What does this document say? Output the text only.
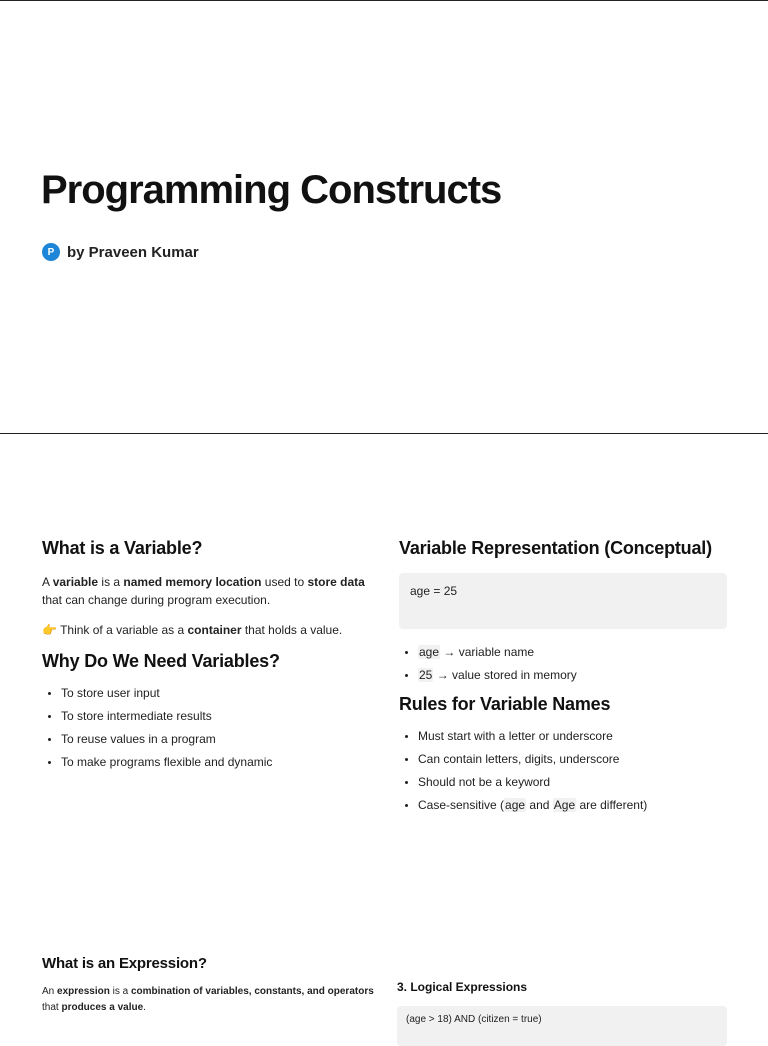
Programming Constructs
P by Praveen Kumar
What is a Variable?

A variable is a named memory location used to store data that can change during program execution.

👉 Think of a variable as a container that holds a value.

Why Do We Need Variables?
• To store user input
• To store intermediate results
• To reuse values in a program
• To make programs flexible and dynamic
Variable Representation (Conceptual)
age = 25
• age → variable name
• 25 → value stored in memory
Rules for Variable Names
• Must start with a letter or underscore
• Can contain letters, digits, underscore
• Should not be a keyword
• Case-sensitive (age and Age are different)
What is an Expression?

An expression is a combination of variables, constants, and operators that produces a value.

3. Logical Expressions
(age > 18) AND (citizen = true)
